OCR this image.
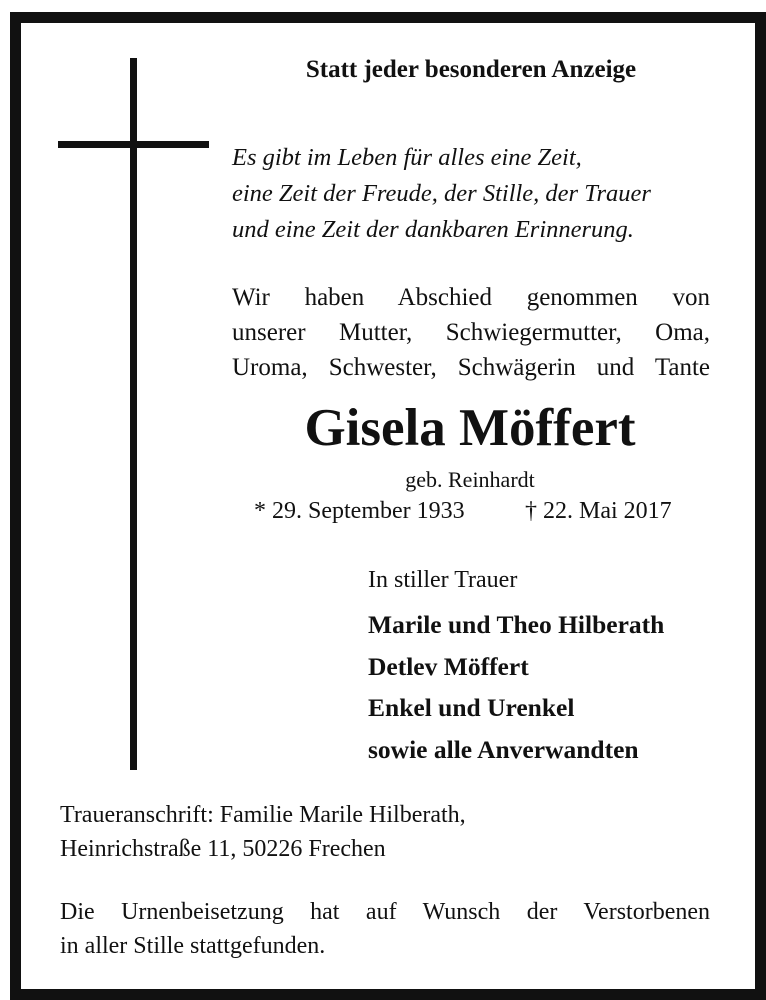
Statt jeder besonderen Anzeige
Es gibt im Leben für alles eine Zeit,
eine Zeit der Freude, der Stille, der Trauer
und eine Zeit der dankbaren Erinnerung.
Wir haben Abschied genommen von
unserer Mutter, Schwiegermutter, Oma,
Uroma, Schwester, Schwägerin und Tante
Gisela Möffert
geb. Reinhardt
* 29. September 1933	† 22. Mai 2017
In stiller Trauer
Marile und Theo Hilberath
Detlev Möffert
Enkel und Urenkel
sowie alle Anverwandten
Traueranschrift: Familie Marile Hilberath,
Heinrichstraße 11, 50226 Frechen
Die Urnenbeisetzung hat auf Wunsch der Verstorbenen
in aller Stille stattgefunden.
